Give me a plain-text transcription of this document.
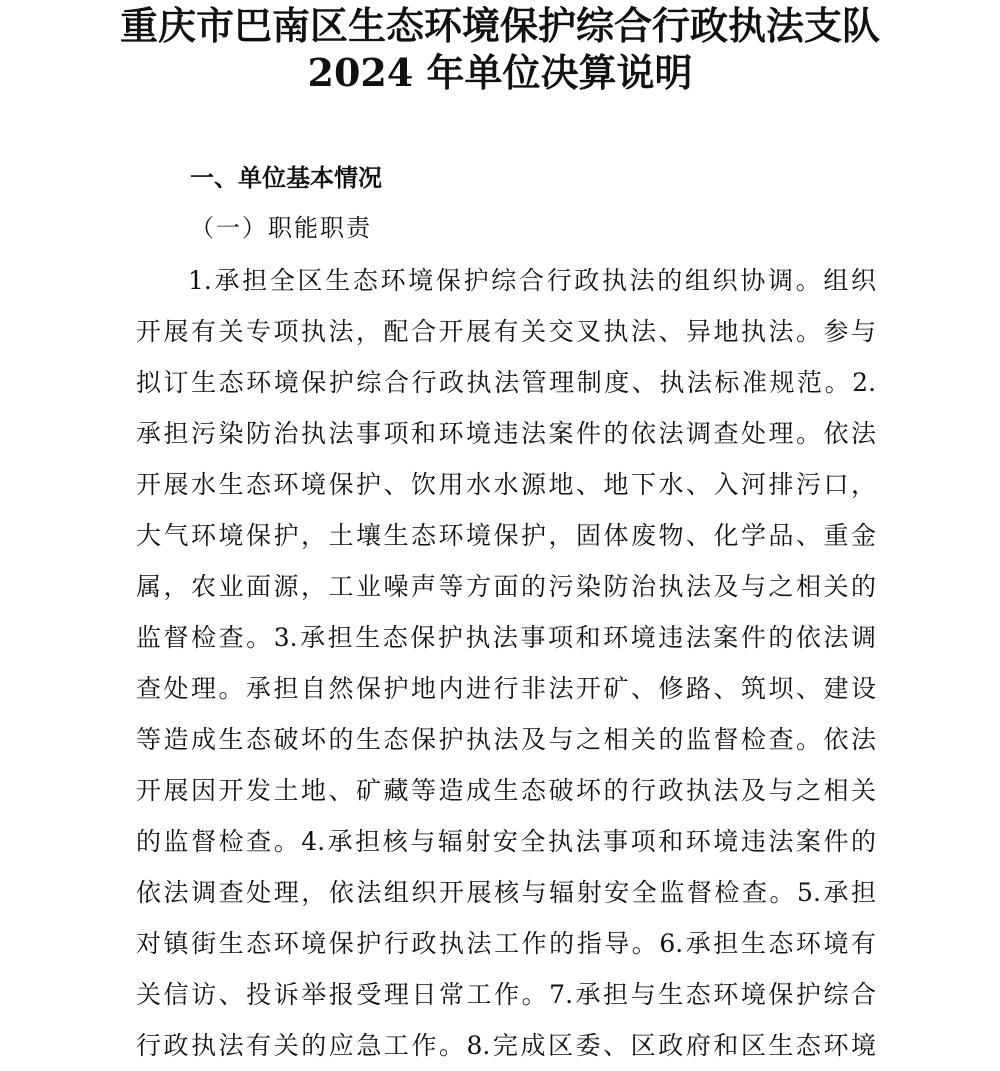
重庆市巴南区生态环境保护综合行政执法支队
2024 年单位决算说明
一、单位基本情况
（一）职能职责
1.承担全区生态环境保护综合行政执法的组织协调。组织
开展有关专项执法，配合开展有关交叉执法、异地执法。参与
拟订生态环境保护综合行政执法管理制度、执法标准规范。2.
承担污染防治执法事项和环境违法案件的依法调查处理。依法
开展水生态环境保护、饮用水水源地、地下水、入河排污口，
大气环境保护，土壤生态环境保护，固体废物、化学品、重金
属，农业面源，工业噪声等方面的污染防治执法及与之相关的
监督检查。3.承担生态保护执法事项和环境违法案件的依法调
查处理。承担自然保护地内进行非法开矿、修路、筑坝、建设
等造成生态破坏的生态保护执法及与之相关的监督检查。依法
开展因开发土地、矿藏等造成生态破坏的行政执法及与之相关
的监督检查。4.承担核与辐射安全执法事项和环境违法案件的
依法调查处理，依法组织开展核与辐射安全监督检查。5.承担
对镇街生态环境保护行政执法工作的指导。6.承担生态环境有
关信访、投诉举报受理日常工作。7.承担与生态环境保护综合
行政执法有关的应急工作。8.完成区委、区政府和区生态环境
